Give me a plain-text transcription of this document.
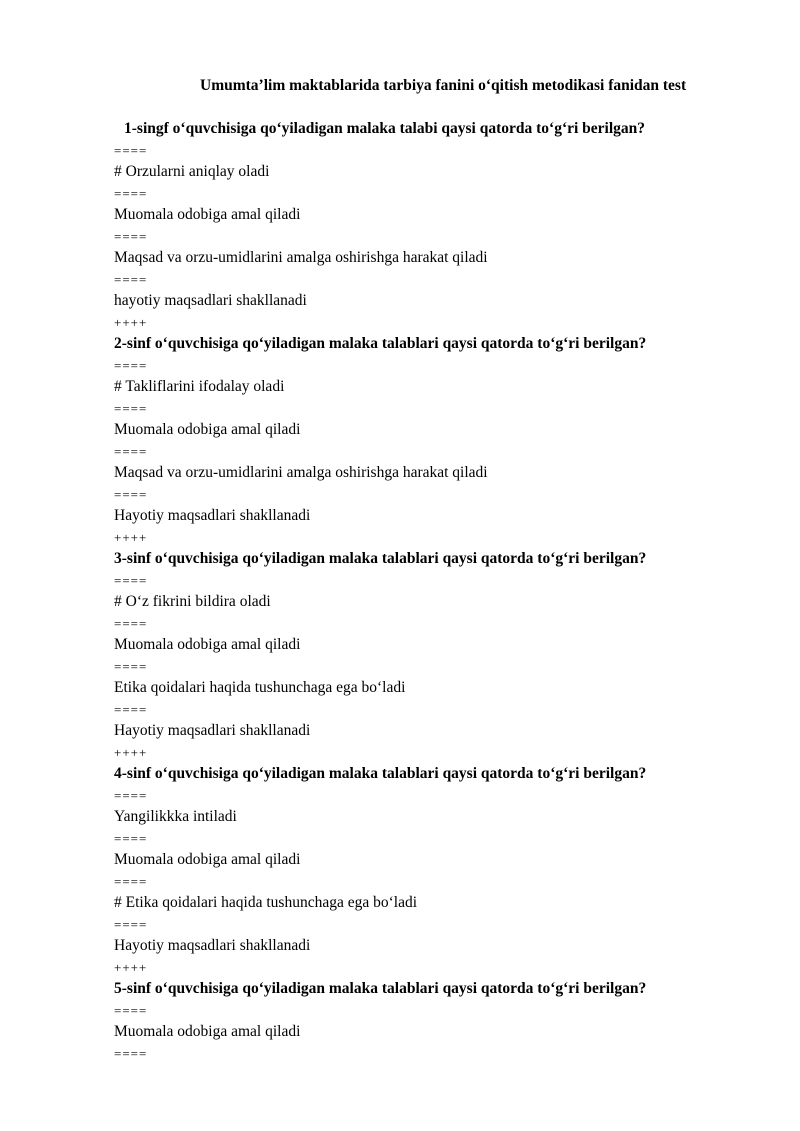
Umumta’lim maktablarida tarbiya fanini o‘qitish metodikasi fanidan test
1-singf o‘quvchisiga qo‘yiladigan malaka talabi qaysi qatorda to‘g‘ri berilgan?
====
# Orzularni aniqlay oladi
====
Muomala odobiga amal qiladi
====
Maqsad va orzu-umidlarini amalga oshirishga harakat qiladi
====
hayotiy maqsadlari shakllanadi
++++
2-sinf o‘quvchisiga qo‘yiladigan malaka talablari qaysi qatorda to‘g‘ri berilgan?
====
# Takliflarini ifodalay oladi
====
Muomala odobiga amal qiladi
====
Maqsad va orzu-umidlarini amalga oshirishga harakat qiladi
====
Hayotiy maqsadlari shakllanadi
++++
3-sinf o‘quvchisiga qo‘yiladigan malaka talablari qaysi qatorda to‘g‘ri berilgan?
====
# O‘z fikrini bildira oladi
====
Muomala odobiga amal qiladi
====
Etika qoidalari haqida tushunchaga ega bo‘ladi
====
Hayotiy maqsadlari shakllanadi
++++
4-sinf o‘quvchisiga qo‘yiladigan malaka talablari qaysi qatorda to‘g‘ri berilgan?
====
Yangilikkka intiladi
====
Muomala odobiga amal qiladi
====
# Etika qoidalari haqida tushunchaga ega bo‘ladi
====
Hayotiy maqsadlari shakllanadi
++++
5-sinf o‘quvchisiga qo‘yiladigan malaka talablari qaysi qatorda to‘g‘ri berilgan?
====
Muomala odobiga amal qiladi
====
